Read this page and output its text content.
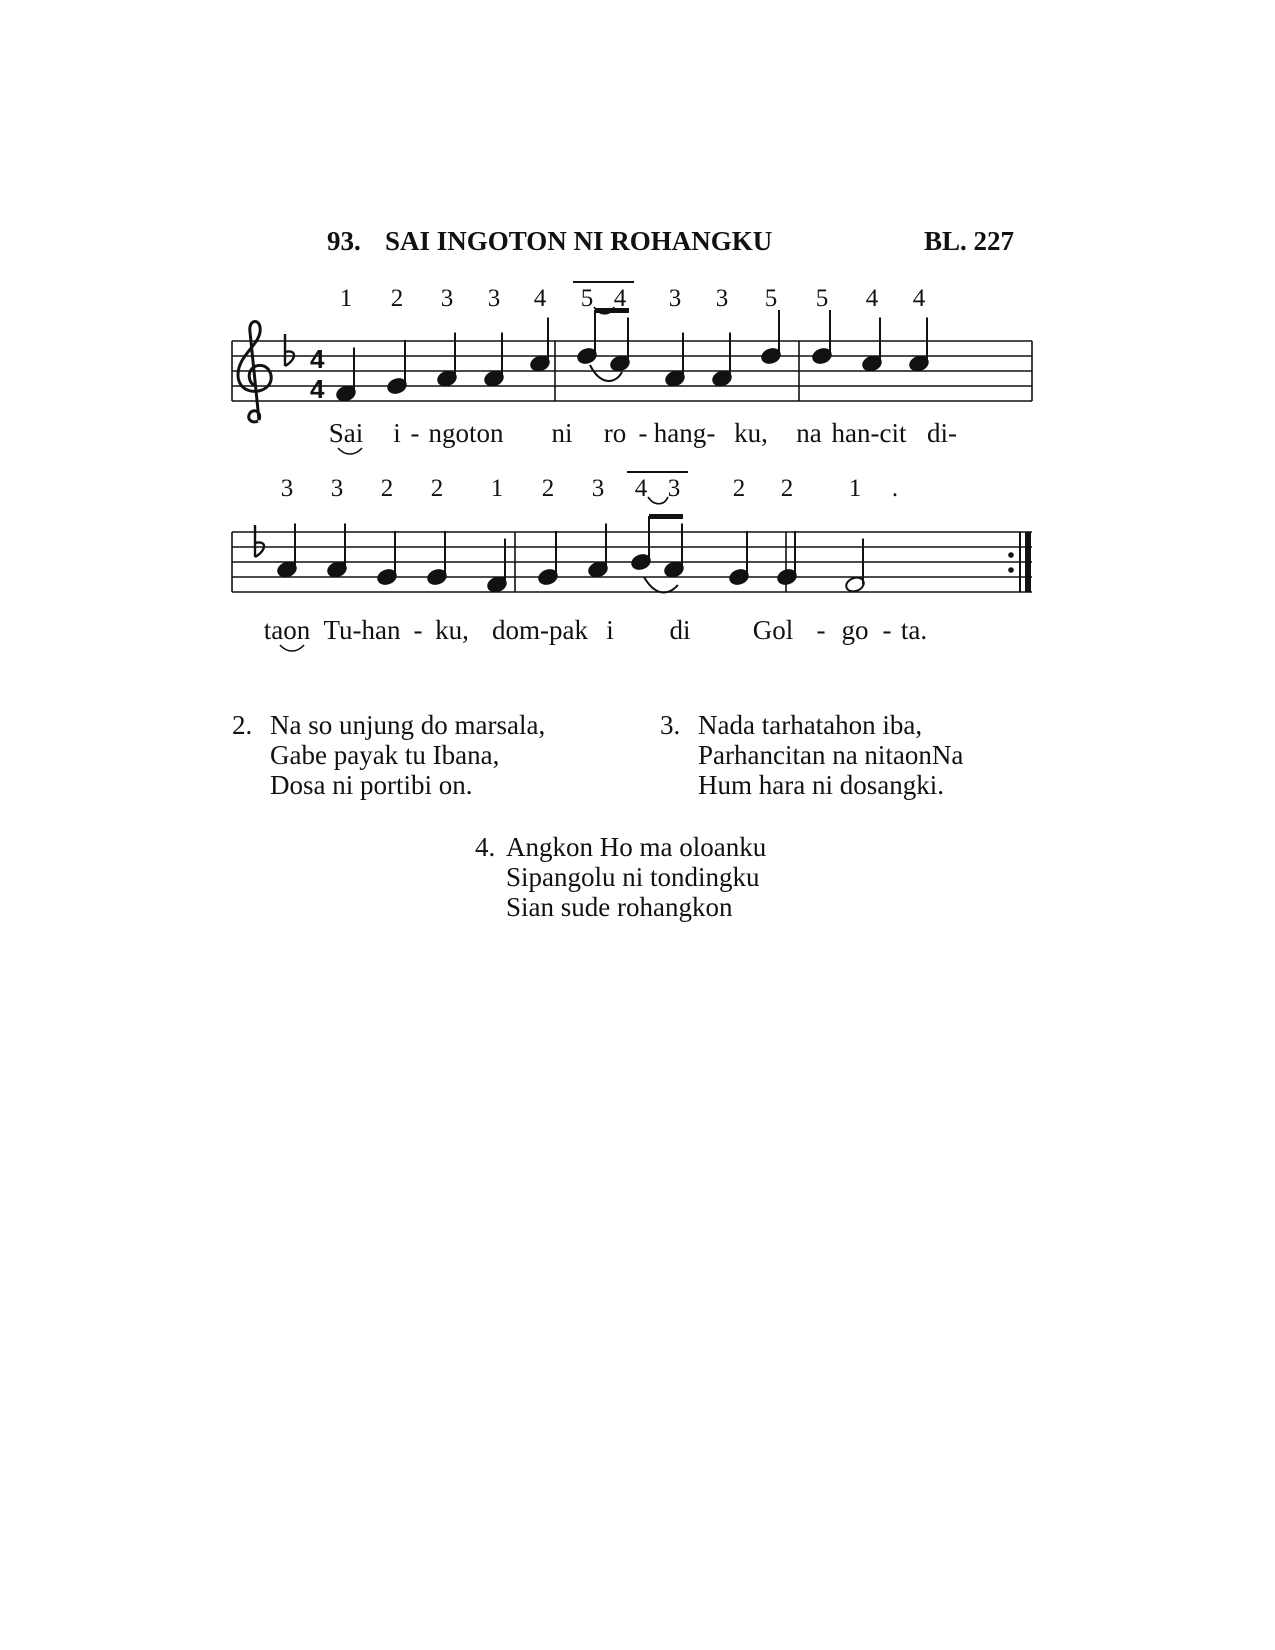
93. SAI INGOTON NI ROHANGKU	BL. 227
4
4
1 2 3 3 4 5 4 3 3 5 5 4 4
3 3 2 2 1 2 3 4 3 2 2 1 .
Sai i - ngoton ni ro - hang - ku, na han-cit di-
taon Tu-han - ku, dom-pak i di Gol - go - ta.
2. Na so unjung do marsala,
Gabe payak tu Ibana,
Dosa ni portibi on.
3. Nada tarhatahon iba,
Parhancitan na nitaonNa
Hum hara ni dosangki.
4. Angkon Ho ma oloanku
Sipangolu ni tondingku
Sian sude rohangkon
